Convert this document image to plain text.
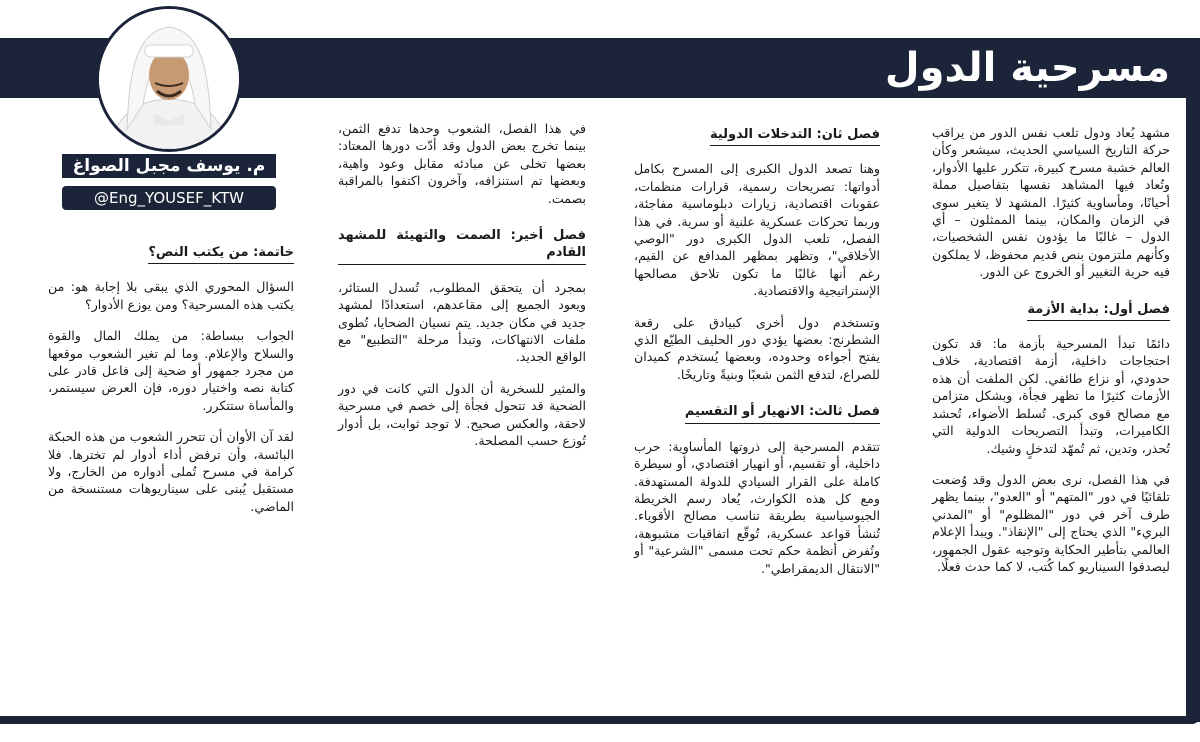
مسرحية الدول
م. يوسف مجبل الصواغ
@Eng_YOUSEF_KTW

مشهد يُعاد ودول تلعب نفس الدور من يراقب حركة التاريخ السياسي الحديث، سيشعر وكأن العالم خشبة مسرح كبيرة، تتكرر عليها الأدوار، وتُعاد فيها المشاهد نفسها بتفاصيل مملة أحيانًا، ومأساوية كثيرًا. المشهد لا يتغير سوى في الزمان والمكان، بينما الممثلون – أي الدول – غالبًا ما يؤدون نفس الشخصيات، وكأنهم ملتزمون بنص قديم محفوظ، لا يملكون فيه حرية التغيير أو الخروج عن الدور.

فصل أول: بداية الأزمة

دائمًا تبدأ المسرحية بأزمة ما: قد تكون احتجاجات داخلية، أزمة اقتصادية، خلاف حدودي، أو نزاع طائفي. لكن الملفت أن هذه الأزمات كثيرًا ما تظهر فجأة، وبشكل متزامن مع مصالح قوى كبرى. تُسلط الأضواء، تُحشد الكاميرات، وتبدأ التصريحات الدولية التي تُحذر، وتدين، ثم تُمهّد لتدخلٍ وشيك.

في هذا الفصل، نرى بعض الدول وقد وُضعت تلقائيًا في دور "المتهم" أو "العدو"، بينما يظهر طرف آخر في دور "المظلوم" أو "المدني البريء" الذي يحتاج إلى "الإنقاذ". ويبدأ الإعلام العالمي بتأطير الحكاية وتوجيه عقول الجمهور، ليصدقوا السيناريو كما كُتب، لا كما حدث فعلًا.

فصل ثان: التدخلات الدولية

وهنا تصعد الدول الكبرى إلى المسرح بكامل أدواتها: تصريحات رسمية، قرارات منظمات، عقوبات اقتصادية، زيارات دبلوماسية مفاجئة، وربما تحركات عسكرية علنية أو سرية. في هذا الفصل، تلعب الدول الكبرى دور "الوصي الأخلاقي"، وتظهر بمظهر المدافع عن القيم، رغم أنها غالبًا ما تكون تلاحق مصالحها الإستراتيجية والاقتصادية.

وتستخدم دول أخرى كبيادق على رقعة الشطرنج: بعضها يؤدي دور الحليف الطيّع الذي يفتح أجواءه وحدوده، وبعضها يُستخدم كميدان للصراع، لتدفع الثمن شعبًا وبنيةً وتاريخًا.

فصل ثالث: الانهيار أو التقسيم

تتقدم المسرحية إلى ذروتها المأساوية: حرب داخلية، أو تقسيم، أو انهيار اقتصادي، أو سيطرة كاملة على القرار السيادي للدولة المستهدفة. ومع كل هذه الكوارث، يُعاد رسم الخريطة الجيوسياسية بطريقة تناسب مصالح الأقوياء. تُنشأ قواعد عسكرية، تُوقّع اتفاقيات مشبوهة، وتُفرض أنظمة حكم تحت مسمى "الشرعية" أو "الانتقال الديمقراطي".

في هذا الفصل، الشعوب وحدها تدفع الثمن، بينما تخرج بعض الدول وقد أدّت دورها المعتاد: بعضها تخلى عن مبادئه مقابل وعود واهية، وبعضها تم استنزافه، وآخرون اكتفوا بالمراقبة بصمت.

فصل أخير: الصمت والتهيئة للمشهد القادم

بمجرد أن يتحقق المطلوب، تُسدل الستائر، ويعود الجميع إلى مقاعدهم، استعدادًا لمشهد جديد في مكان جديد. يتم نسيان الضحايا، تُطوى ملفات الانتهاكات، وتبدأ مرحلة "التطبيع" مع الواقع الجديد.

والمثير للسخرية أن الدول التي كانت في دور الضحية قد تتحول فجأة إلى خصم في مسرحية لاحقة، والعكس صحيح. لا توجد ثوابت، بل أدوار تُوزع حسب المصلحة.

خاتمة: من يكتب النص؟

السؤال المحوري الذي يبقى بلا إجابة هو: من يكتب هذه المسرحية؟ ومن يوزع الأدوار؟

الجواب ببساطة: من يملك المال والقوة والسلاح والإعلام. وما لم تغير الشعوب موقعها من مجرد جمهور أو ضحية إلى فاعل قادر على كتابة نصه واختيار دوره، فإن العرض سيستمر، والمأساة ستتكرر.

لقد آن الأوان أن تتحرر الشعوب من هذه الحبكة البائسة، وأن ترفض أداء أدوار لم تخترها. فلا كرامة في مسرح تُملى أدواره من الخارج، ولا مستقبل يُبنى على سيناريوهات مستنسخة من الماضي.
